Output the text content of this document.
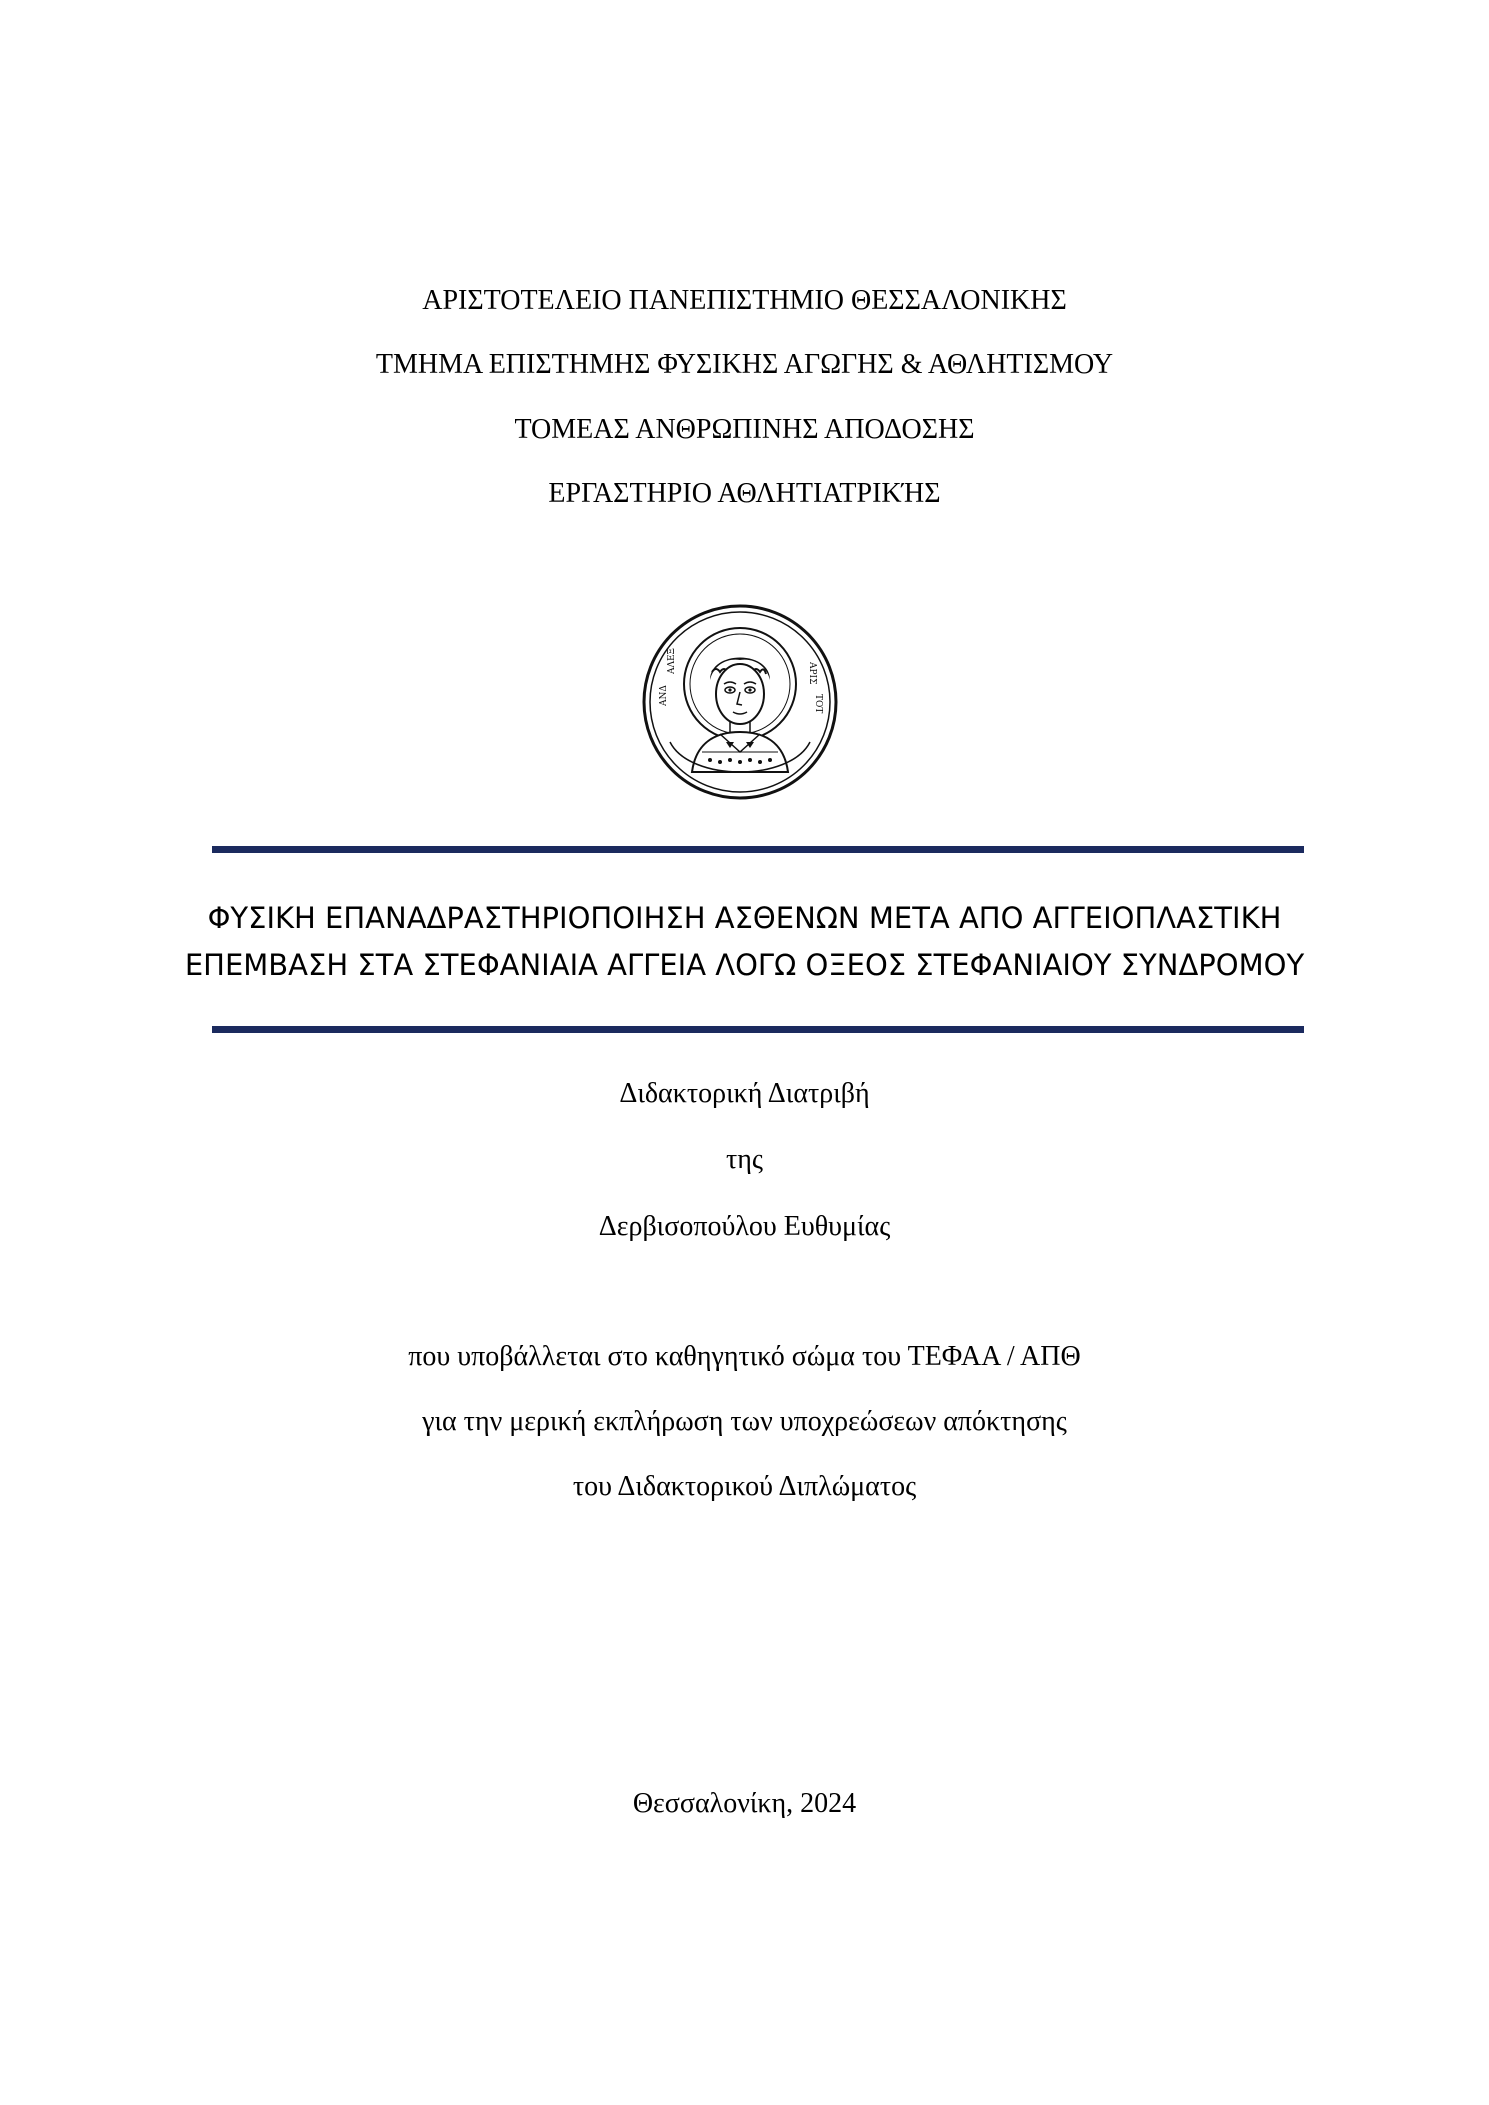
ΑΡΙΣΤΟΤΕΛΕΙΟ ΠΑΝΕΠΙΣΤΗΜΙΟ ΘΕΣΣΑΛΟΝΙΚΗΣ
ΤΜΗΜΑ ΕΠΙΣΤΗΜΗΣ ΦΥΣΙΚΗΣ ΑΓΩΓΗΣ & ΑΘΛΗΤΙΣΜΟΥ
ΤΟΜΕΑΣ ΑΝΘΡΩΠΙΝΗΣ ΑΠΟΔΟΣΗΣ
ΕΡΓΑΣΤΗΡΙΟ ΑΘΛΗΤΙΑΤΡΙΚΉΣ
ΑΛΕΞ
ΑΝΔ
ΑΡΙΣ
ΤΟΤ
ΦΥΣΙΚΗ ΕΠΑΝΑΔΡΑΣΤΗΡΙΟΠΟΙΗΣΗ ΑΣΘΕΝΩΝ ΜΕΤΑ ΑΠΟ ΑΓΓΕΙΟΠΛΑΣΤΙΚΗ
ΕΠΕΜΒΑΣΗ ΣΤΑ ΣΤΕΦΑΝΙΑΙΑ ΑΓΓΕΙΑ ΛΟΓΩ ΟΞΕΟΣ ΣΤΕΦΑΝΙΑΙΟΥ ΣΥΝΔΡΟΜΟΥ
Διδακτορική Διατριβή
της
Δερβισοπούλου Ευθυμίας
που υποβάλλεται στο καθηγητικό σώμα του ΤΕΦΑΑ / ΑΠΘ
για την μερική εκπλήρωση των υποχρεώσεων απόκτησης
του Διδακτορικού Διπλώματος
Θεσσαλονίκη, 2024
